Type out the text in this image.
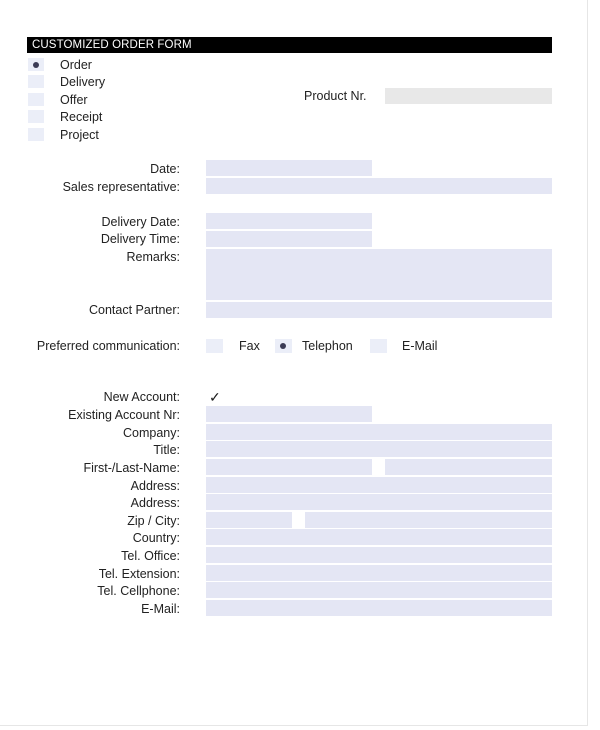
CUSTOMIZED ORDER FORM
Order
Delivery
Offer
Receipt
Project
Product Nr.
Date:
Sales representative:
Delivery Date:
Delivery Time:
Remarks:
Contact Partner:
Preferred communication:	Fax	Telephon	E-Mail
New Account: ✓
Existing Account Nr:
Company:
Title:
First-/Last-Name:
Address:
Address:
Zip / City:
Country:
Tel. Office:
Tel. Extension:
Tel. Cellphone:
E-Mail:
